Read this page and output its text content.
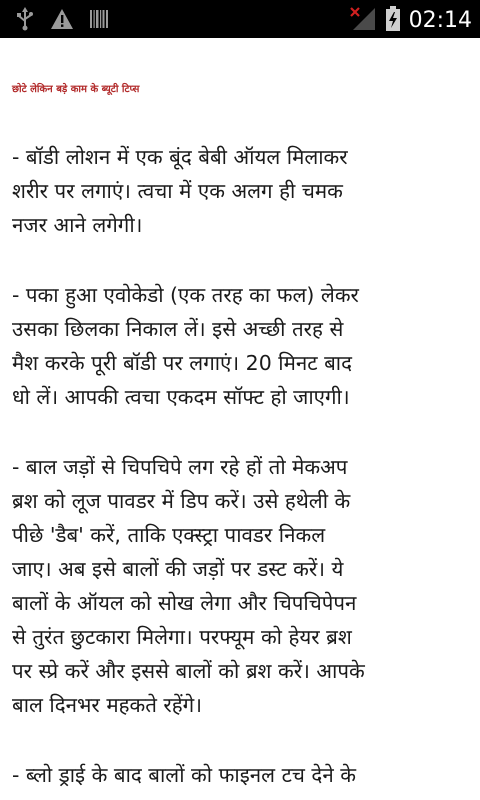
02:14
छोटे लेकिन बड़े काम के ब्यूटी टिप्स

- बॉडी लोशन में एक बूंद बेबी ऑयल मिलाकर
शरीर पर लगाएं। त्वचा में एक अलग ही चमक
नजर आने लगेगी।

- पका हुआ एवोकेडो (एक तरह का फल) लेकर
उसका छिलका निकाल लें। इसे अच्छी तरह से
मैश करके पूरी बॉडी पर लगाएं। 20 मिनट बाद
धो लें। आपकी त्वचा एकदम सॉफ्ट हो जाएगी।

- बाल जड़ों से चिपचिपे लग रहे हों तो मेकअप
ब्रश को लूज पावडर में डिप करें। उसे हथेली के
पीछे 'डैब' करें, ताकि एक्स्ट्रा पावडर निकल
जाए। अब इसे बालों की जड़ों पर डस्ट करें। ये
बालों के ऑयल को सोख लेगा और चिपचिपेपन
से तुरंत छुटकारा मिलेगा। परफ्यूम को हेयर ब्रश
पर स्प्रे करें और इससे बालों को ब्रश करें। आपके
बाल दिनभर महकते रहेंगे।

- ब्लो ड्राई के बाद बालों को फाइनल टच देने के
